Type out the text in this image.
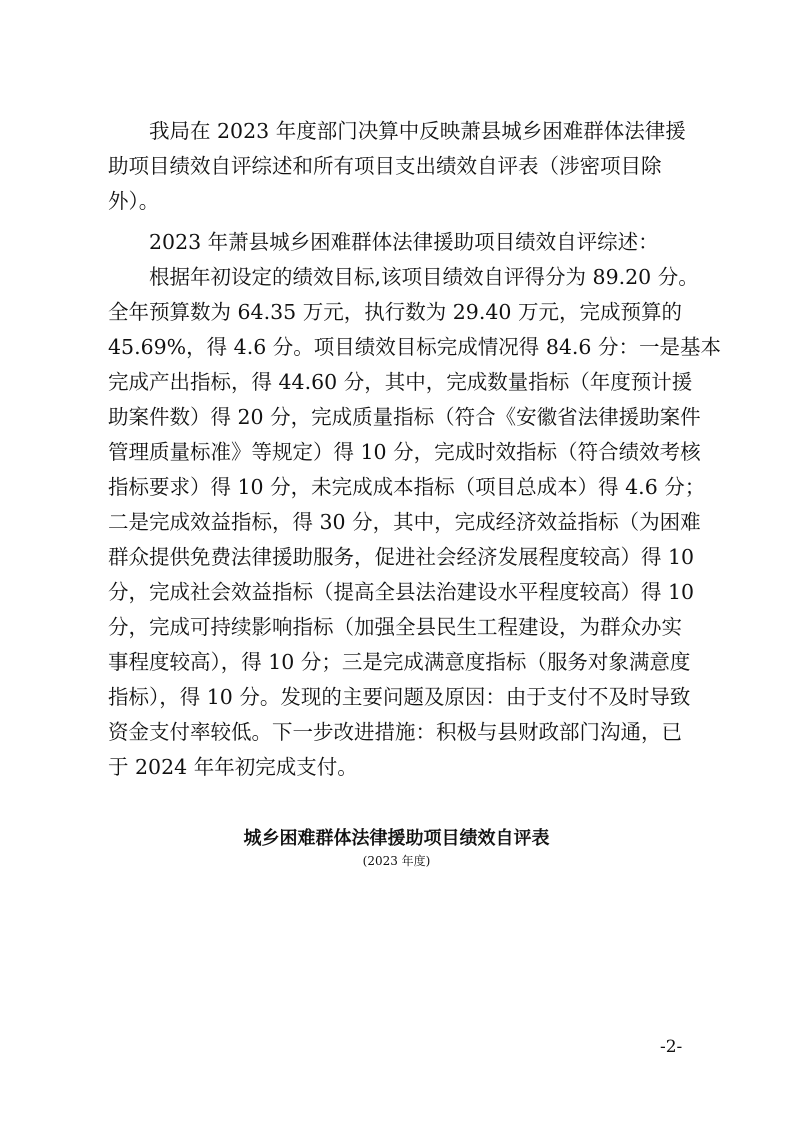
我局在 2023 年度部门决算中反映萧县城乡困难群体法律援
助项目绩效自评综述和所有项目支出绩效自评表（涉密项目除
外）。

2023 年萧县城乡困难群体法律援助项目绩效自评综述：

根据年初设定的绩效目标,该项目绩效自评得分为 89.20 分。
全年预算数为 64.35 万元，执行数为 29.40 万元，完成预算的
45.69%，得 4.6 分。项目绩效目标完成情况得 84.6 分：一是基本
完成产出指标，得 44.60 分，其中，完成数量指标（年度预计援
助案件数）得 20 分，完成质量指标（符合《安徽省法律援助案件
管理质量标准》等规定）得 10 分，完成时效指标（符合绩效考核
指标要求）得 10 分，未完成成本指标（项目总成本）得 4.6 分；
二是完成效益指标，得 30 分，其中，完成经济效益指标（为困难
群众提供免费法律援助服务，促进社会经济发展程度较高）得 10
分，完成社会效益指标（提高全县法治建设水平程度较高）得 10
分，完成可持续影响指标（加强全县民生工程建设，为群众办实
事程度较高），得 10 分；三是完成满意度指标（服务对象满意度
指标），得 10 分。发现的主要问题及原因：由于支付不及时导致
资金支付率较低。下一步改进措施：积极与县财政部门沟通，已
于 2024 年年初完成支付。

城乡困难群体法律援助项目绩效自评表
(2023 年度)
-2-
